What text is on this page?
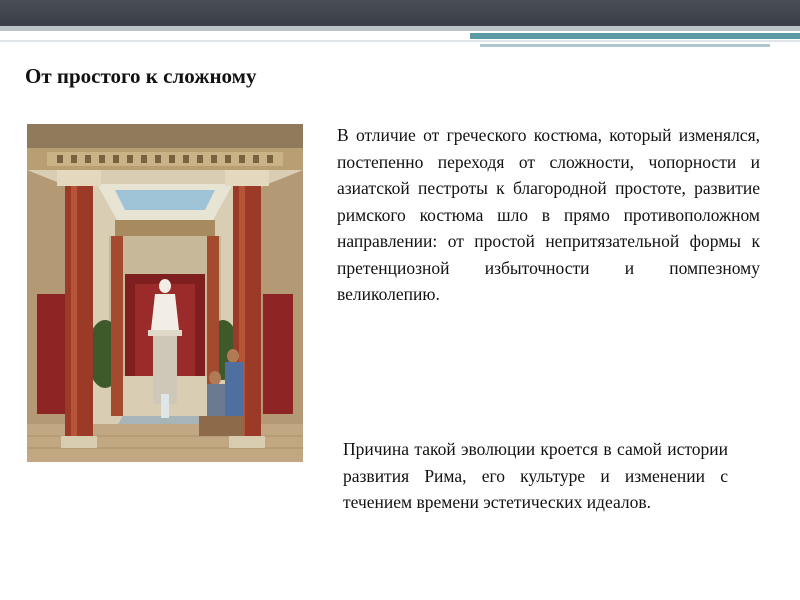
От простого к сложному

В отличие от греческого костюма, который изменялся, постепенно переходя от сложности, чопорности и азиатской пестроты к благородной простоте, развитие римского костюма шло в прямо противоположном направлении: от простой непритязательной формы к претенциозной избыточности и помпезному великолепию.

Причина такой эволюции кроется в самой истории развития Рима, его культуре и изменении с течением времени эстетических идеалов.
